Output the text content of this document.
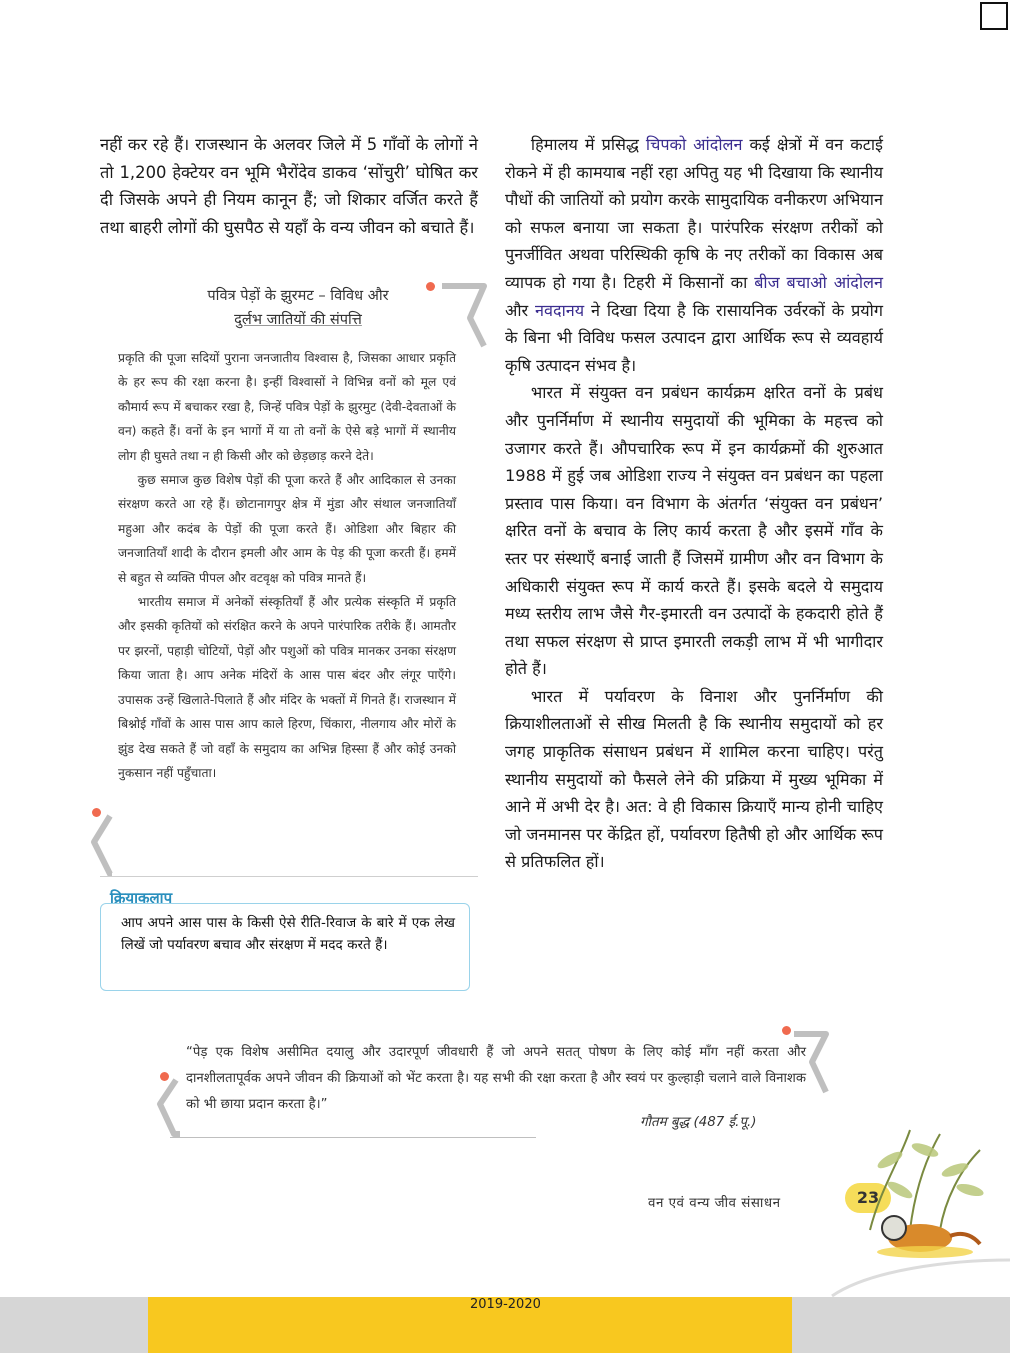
नहीं कर रहे हैं। राजस्थान के अलवर जिले में 5 गाँवों के लोगों ने तो 1,200 हेक्टेयर वन भूमि भैरोंदेव डाकव ‘सोंचुरी’ घोषित कर दी जिसके अपने ही नियम कानून हैं; जो शिकार वर्जित करते हैं तथा बाहरी लोगों की घुसपैठ से यहाँ के वन्य जीवन को बचाते हैं।

पवित्र पेड़ों के झुरमट – विविध और
दुर्लभ जातियों की संपत्ति

प्रकृति की पूजा सदियों पुराना जनजातीय विश्वास है, जिसका आधार प्रकृति के हर रूप की रक्षा करना है। इन्हीं विश्वासों ने विभिन्न वनों को मूल एवं कौमार्य रूप में बचाकर रखा है, जिन्हें पवित्र पेड़ों के झुरमुट (देवी-देवताओं के वन) कहते हैं। वनों के इन भागों में या तो वनों के ऐसे बड़े भागों में स्थानीय लोग ही घुसते तथा न ही किसी और को छेड़छाड़ करने देते।

कुछ समाज कुछ विशेष पेड़ों की पूजा करते हैं और आदिकाल से उनका संरक्षण करते आ रहे हैं। छोटानागपुर क्षेत्र में मुंडा और संथाल जनजातियाँ महुआ और कदंब के पेड़ों की पूजा करते हैं। ओडिशा और बिहार की जनजातियाँ शादी के दौरान इमली और आम के पेड़ की पूजा करती हैं। हममें से बहुत से व्यक्ति पीपल और वटवृक्ष को पवित्र मानते हैं।

भारतीय समाज में अनेकों संस्कृतियाँ हैं और प्रत्येक संस्कृति में प्रकृति और इसकी कृतियों को संरक्षित करने के अपने पारंपारिक तरीके हैं। आमतौर पर झरनों, पहाड़ी चोटियों, पेड़ों और पशुओं को पवित्र मानकर उनका संरक्षण किया जाता है। आप अनेक मंदिरों के आस पास बंदर और लंगूर पाएँगे। उपासक उन्हें खिलाते-पिलाते हैं और मंदिर के भक्तों में गिनते हैं। राजस्थान में बिश्नोई गाँवों के आस पास आप काले हिरण, चिंकारा, नीलगाय और मोरों के झुंड देख सकते हैं जो वहाँ के समुदाय का अभिन्न हिस्सा हैं और कोई उनको नुकसान नहीं पहुँचाता।

क्रियाकलाप

आप अपने आस पास के किसी ऐसे रीति-रिवाज के बारे में एक लेख लिखें जो पर्यावरण बचाव और संरक्षण में मदद करते हैं।

हिमालय में प्रसिद्ध चिपको आंदोलन कई क्षेत्रों में वन कटाई रोकने में ही कामयाब नहीं रहा अपितु यह भी दिखाया कि स्थानीय पौधों की जातियों को प्रयोग करके सामुदायिक वनीकरण अभियान को सफल बनाया जा सकता है। पारंपरिक संरक्षण तरीकों को पुनर्जीवित अथवा परिस्थिकी कृषि के नए तरीकों का विकास अब व्यापक हो गया है। टिहरी में किसानों का बीज बचाओ आंदोलन और नवदानय ने दिखा दिया है कि रासायनिक उर्वरकों के प्रयोग के बिना भी विविध फसल उत्पादन द्वारा आर्थिक रूप से व्यवहार्य कृषि उत्पादन संभव है।

भारत में संयुक्त वन प्रबंधन कार्यक्रम क्षरित वनों के प्रबंध और पुनर्निर्माण में स्थानीय समुदायों की भूमिका के महत्त्व को उजागर करते हैं। औपचारिक रूप में इन कार्यक्रमों की शुरुआत 1988 में हुई जब ओडिशा राज्य ने संयुक्त वन प्रबंधन का पहला प्रस्ताव पास किया। वन विभाग के अंतर्गत ‘संयुक्त वन प्रबंधन’ क्षरित वनों के बचाव के लिए कार्य करता है और इसमें गाँव के स्तर पर संस्थाएँ बनाई जाती हैं जिसमें ग्रामीण और वन विभाग के अधिकारी संयुक्त रूप में कार्य करते हैं। इसके बदले ये समुदाय मध्य स्तरीय लाभ जैसे गैर-इमारती वन उत्पादों के हकदारी होते हैं तथा सफल संरक्षण से प्राप्त इमारती लकड़ी लाभ में भी भागीदार होते हैं।

भारत में पर्यावरण के विनाश और पुनर्निर्माण की क्रियाशीलताओं से सीख मिलती है कि स्थानीय समुदायों को हर जगह प्राकृतिक संसाधन प्रबंधन में शामिल करना चाहिए। परंतु स्थानीय समुदायों को फैसले लेने की प्रक्रिया में मुख्य भूमिका में आने में अभी देर है। अत: वे ही विकास क्रियाएँ मान्य होनी चाहिए जो जनमानस पर केंद्रित हों, पर्यावरण हितैषी हो और आर्थिक रूप से प्रतिफलित हों।

“पेड़ एक विशेष असीमित दयालु और उदारपूर्ण जीवधारी हैं जो अपने सतत् पोषण के लिए कोई माँग नहीं करता और दानशीलतापूर्वक अपने जीवन की क्रियाओं को भेंट करता है। यह सभी की रक्षा करता है और स्वयं पर कुल्हाड़ी चलाने वाले विनाशक को भी छाया प्रदान करता है।”

गौतम बुद्ध (487 ई.पू.)

वन एवं वन्य जीव संसाधन	23

2019-2020
